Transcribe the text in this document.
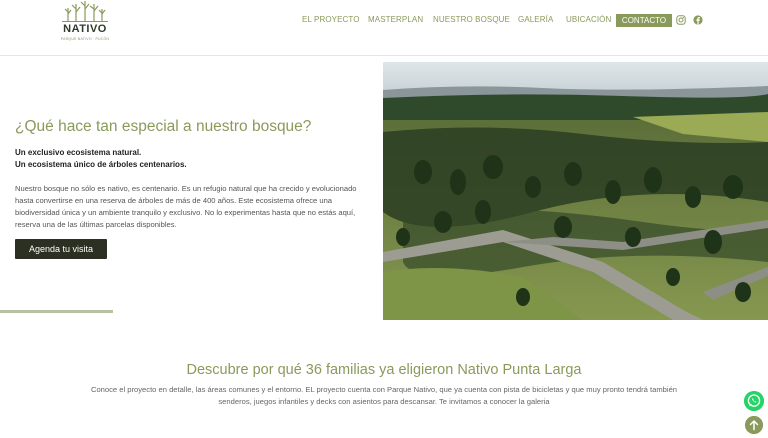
NATIVO
PARQUE NATIVO · PUCÓN
EL PROYECTO MASTERPLAN NUESTRO BOSQUE GALERÍA UBICACIÓN	CONTACTO
¿Qué hace tan especial a nuestro bosque?
Un exclusivo ecosistema natural.
Un ecosistema único de árboles centenarios.
Nuestro bosque no sólo es nativo, es centenario. Es un refugio natural que ha crecido y evolucionado hasta convertirse en una reserva de árboles de más de 400 años. Este ecosistema ofrece una biodiversidad única y un ambiente tranquilo y exclusivo. No lo experimentas hasta que no estás aquí, reserva una de las últimas parcelas disponibles.
Agenda tu visita
Descubre por qué 36 familias ya eligieron Nativo Punta Larga
Conoce el proyecto en detalle, las áreas comunes y el entorno. EL proyecto cuenta con Parque Nativo, que ya cuenta con pista de bicicletas y que muy pronto tendrá también senderos, juegos infantiles y decks con asientos para descansar. Te invitamos a conocer la galeria
